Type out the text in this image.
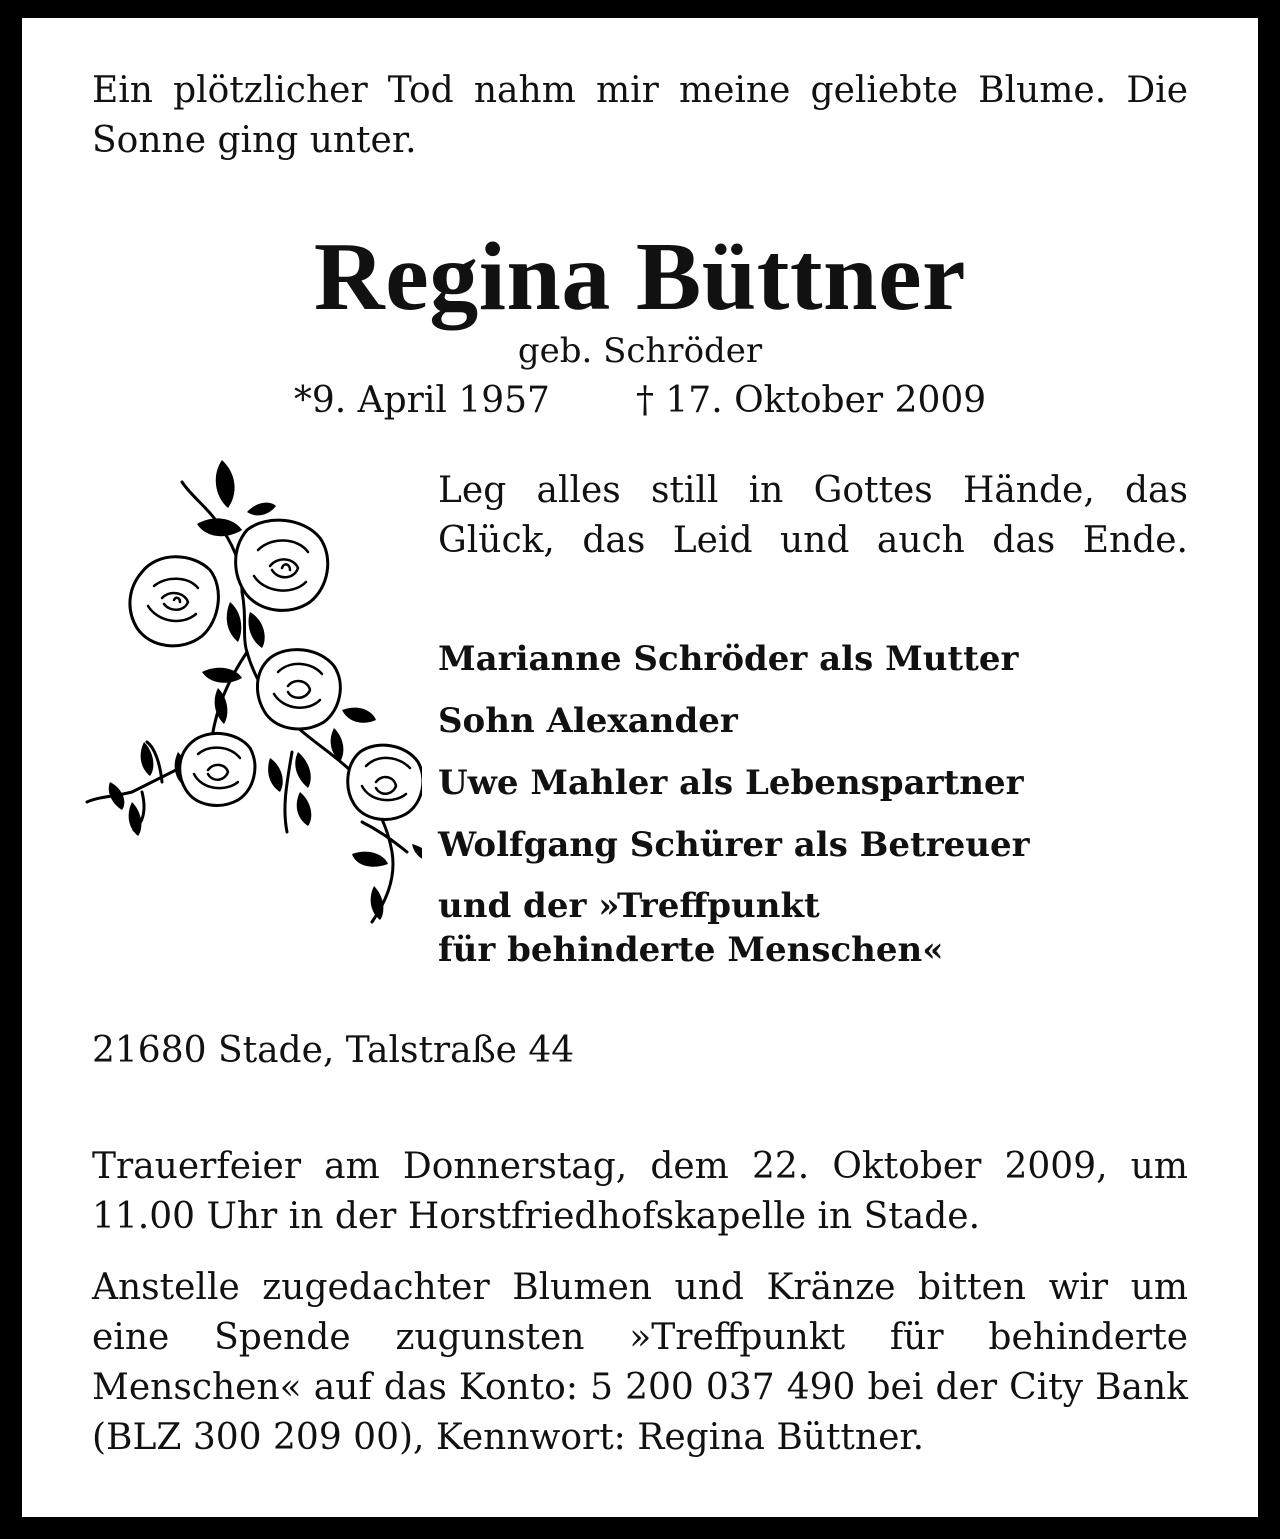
Ein plötzlicher Tod nahm mir meine geliebte Blume. Die Sonne ging unter.
Regina Büttner
geb. Schröder
*9. April 1957 † 17. Oktober 2009
Leg alles still in Gottes Hände, das
Glück, das Leid und auch das Ende.
Marianne Schröder als Mutter
Sohn Alexander
Uwe Mahler als Lebenspartner
Wolfgang Schürer als Betreuer
und der »Treffpunkt
für behinderte Menschen«
21680 Stade, Talstraße 44
Trauerfeier am Donnerstag, dem 22. Oktober 2009, um 11.00 Uhr in der Horstfriedhofskapelle in Stade.
Anstelle zugedachter Blumen und Kränze bitten wir um eine Spende zugunsten »Treffpunkt für behinderte Menschen« auf das Konto: 5 200 037 490 bei der City Bank (BLZ 300 209 00), Kennwort: Regina Büttner.
